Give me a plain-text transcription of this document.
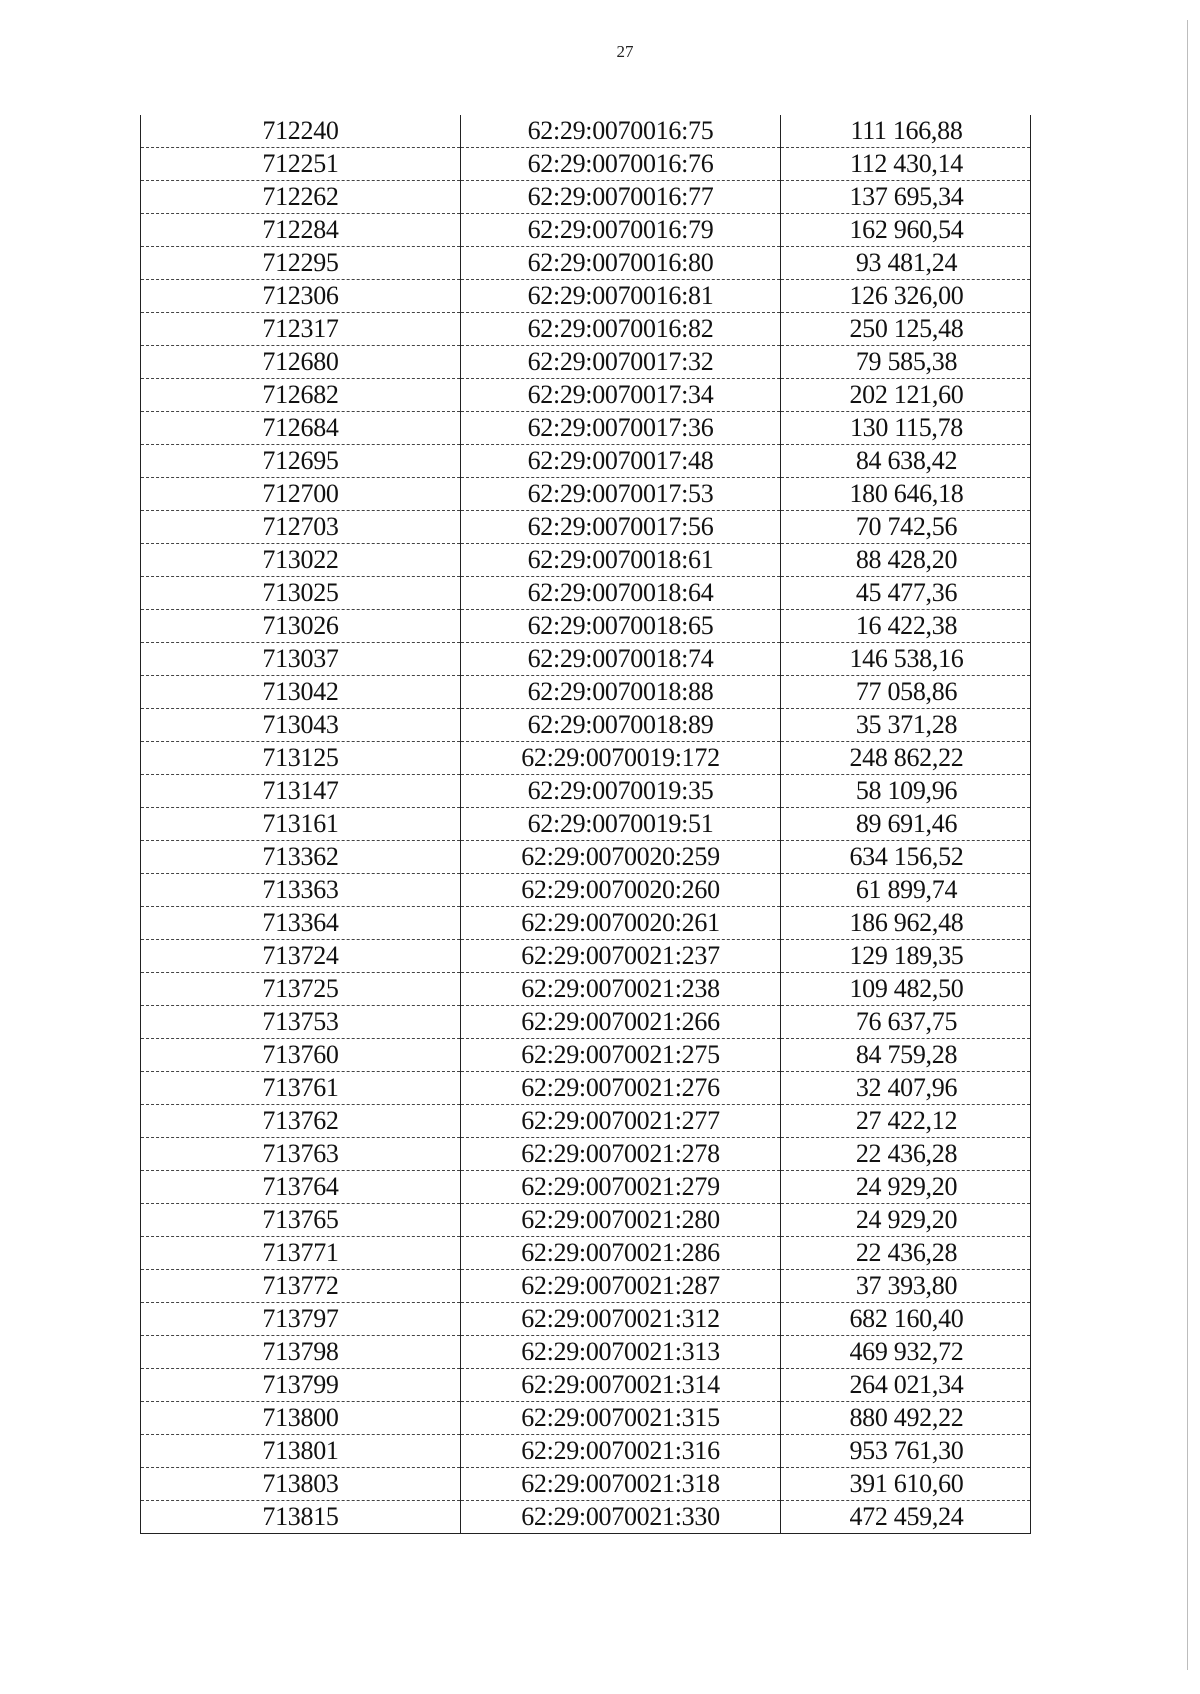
27
712240	62:29:0070016:75	111 166,88
712251	62:29:0070016:76	112 430,14
712262	62:29:0070016:77	137 695,34
712284	62:29:0070016:79	162 960,54
712295	62:29:0070016:80	93 481,24
712306	62:29:0070016:81	126 326,00
712317	62:29:0070016:82	250 125,48
712680	62:29:0070017:32	79 585,38
712682	62:29:0070017:34	202 121,60
712684	62:29:0070017:36	130 115,78
712695	62:29:0070017:48	84 638,42
712700	62:29:0070017:53	180 646,18
712703	62:29:0070017:56	70 742,56
713022	62:29:0070018:61	88 428,20
713025	62:29:0070018:64	45 477,36
713026	62:29:0070018:65	16 422,38
713037	62:29:0070018:74	146 538,16
713042	62:29:0070018:88	77 058,86
713043	62:29:0070018:89	35 371,28
713125	62:29:0070019:172	248 862,22
713147	62:29:0070019:35	58 109,96
713161	62:29:0070019:51	89 691,46
713362	62:29:0070020:259	634 156,52
713363	62:29:0070020:260	61 899,74
713364	62:29:0070020:261	186 962,48
713724	62:29:0070021:237	129 189,35
713725	62:29:0070021:238	109 482,50
713753	62:29:0070021:266	76 637,75
713760	62:29:0070021:275	84 759,28
713761	62:29:0070021:276	32 407,96
713762	62:29:0070021:277	27 422,12
713763	62:29:0070021:278	22 436,28
713764	62:29:0070021:279	24 929,20
713765	62:29:0070021:280	24 929,20
713771	62:29:0070021:286	22 436,28
713772	62:29:0070021:287	37 393,80
713797	62:29:0070021:312	682 160,40
713798	62:29:0070021:313	469 932,72
713799	62:29:0070021:314	264 021,34
713800	62:29:0070021:315	880 492,22
713801	62:29:0070021:316	953 761,30
713803	62:29:0070021:318	391 610,60
713815	62:29:0070021:330	472 459,24
